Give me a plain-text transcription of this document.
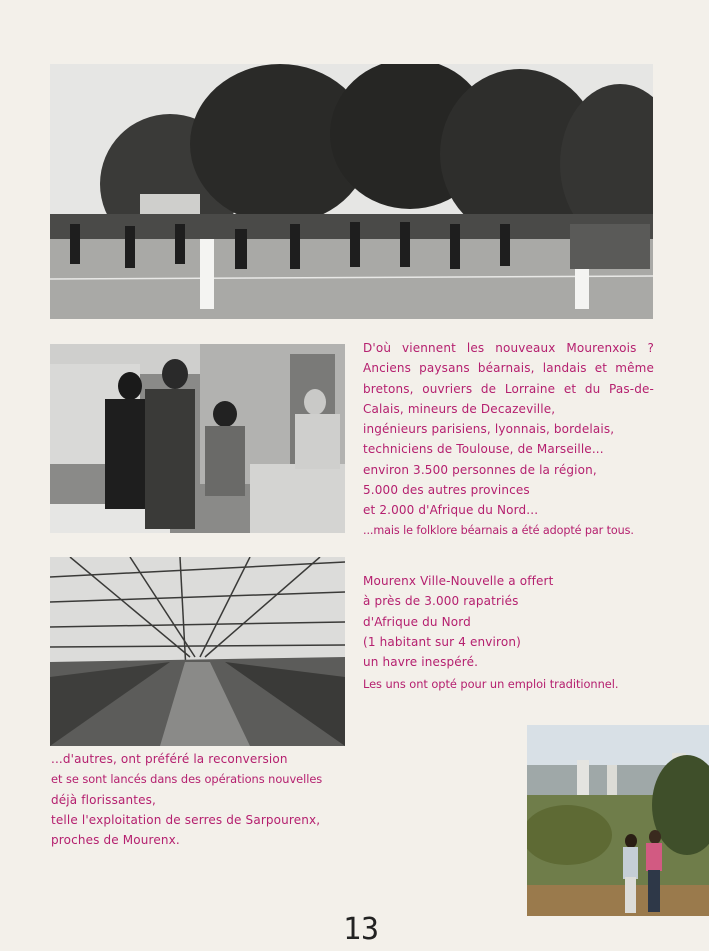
D'où viennent les nouveaux Mourenxois ?
Anciens paysans béarnais, landais et même
bretons, ouvriers de Lorraine et du Pas-de-
Calais, mineurs de Decazeville,
ingénieurs parisiens, lyonnais, bordelais,
techniciens de Toulouse, de Marseille...
environ 3.500 personnes de la région,
5.000 des autres provinces
et 2.000 d'Afrique du Nord...
...mais le folklore béarnais a été adopté par tous.
Mourenx Ville-Nouvelle a offert
à près de 3.000 rapatriés
d'Afrique du Nord
(1 habitant sur 4 environ)
un havre inespéré.
Les uns ont opté pour un emploi traditionnel.
...d'autres, ont préféré la reconversion
et se sont lancés dans des opérations nouvelles
déjà florissantes,
telle l'exploitation de serres de Sarpourenx,
proches de Mourenx.
13
